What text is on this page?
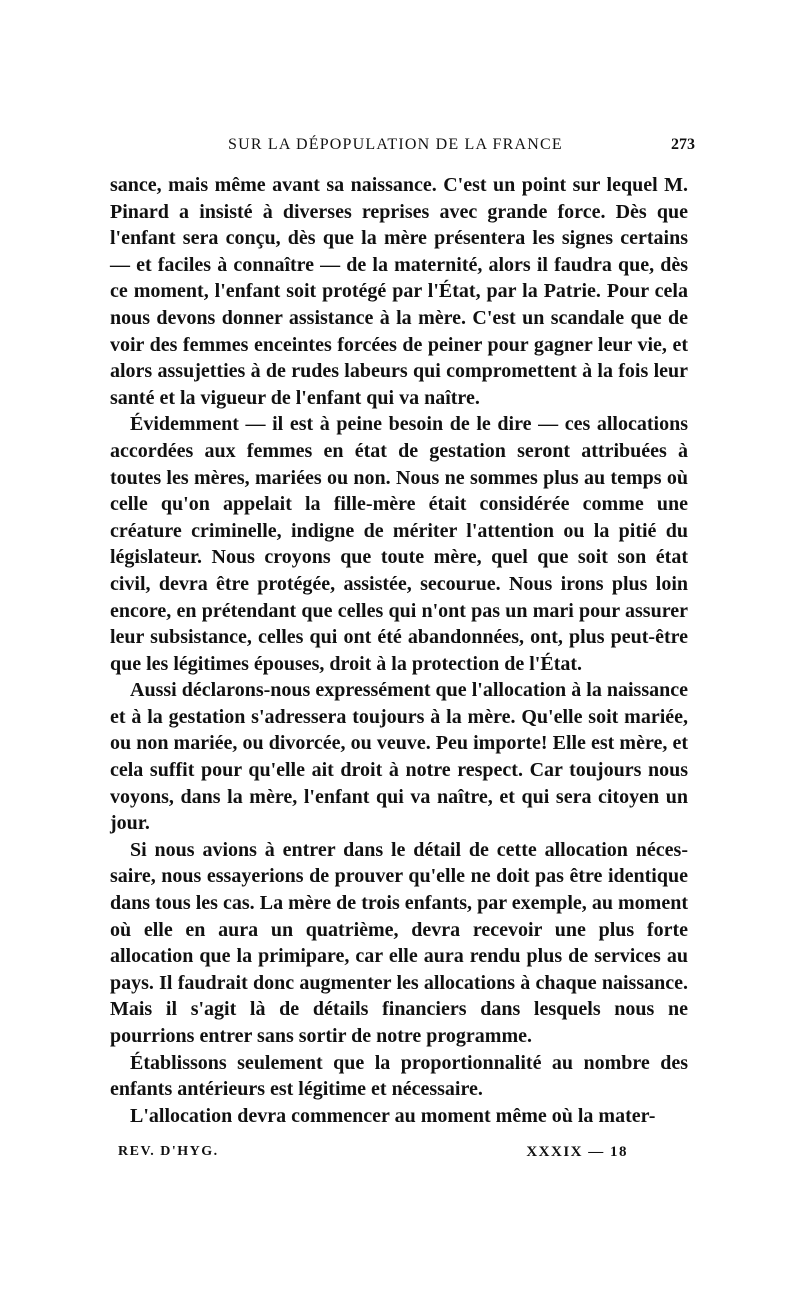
SUR LA DÉPOPULATION DE LA FRANCE	273

sance, mais même avant sa naissance. C'est un point sur lequel M. Pinard a insisté à diverses reprises avec grande force. Dès que l'enfant sera conçu, dès que la mère présentera les signes certains — et faciles à connaître — de la maternité, alors il faudra que, dès ce moment, l'enfant soit protégé par l'État, par la Patrie. Pour cela nous devons donner assistance à la mère. C'est un scandale que de voir des femmes enceintes forcées de peiner pour gagner leur vie, et alors assujetties à de rudes labeurs qui compromettent à la fois leur santé et la vigueur de l'enfant qui va naître.

Évidemment — il est à peine besoin de le dire — ces allocations accordées aux femmes en état de gestation seront attribuées à toutes les mères, mariées ou non. Nous ne sommes plus au temps où celle qu'on appelait la fille-mère était considérée comme une créature criminelle, indigne de mériter l'attention ou la pitié du législateur. Nous croyons que toute mère, quel que soit son état civil, devra être protégée, assistée, secourue. Nous irons plus loin encore, en prétendant que celles qui n'ont pas un mari pour assurer leur subsistance, celles qui ont été abandonnées, ont, plus peut-être que les légitimes épouses, droit à la protection de l'État.

Aussi déclarons-nous expressément que l'allocation à la naissance et à la gestation s'adressera toujours à la mère. Qu'elle soit mariée, ou non mariée, ou divorcée, ou veuve. Peu importe! Elle est mère, et cela suffit pour qu'elle ait droit à notre respect. Car toujours nous voyons, dans la mère, l'enfant qui va naître, et qui sera citoyen un jour.

Si nous avions à entrer dans le détail de cette allocation nécessaire, nous essayerions de prouver qu'elle ne doit pas être identique dans tous les cas. La mère de trois enfants, par exemple, au moment où elle en aura un quatrième, devra recevoir une plus forte allocation que la primipare, car elle aura rendu plus de services au pays. Il faudrait donc augmenter les allocations à chaque naissance. Mais il s'agit là de détails financiers dans lesquels nous ne pourrions entrer sans sortir de notre programme.

Établissons seulement que la proportionnalité au nombre des enfants antérieurs est légitime et nécessaire.

L'allocation devra commencer au moment même où la mater-

REV. D'HYG.	XXXIX — 18
